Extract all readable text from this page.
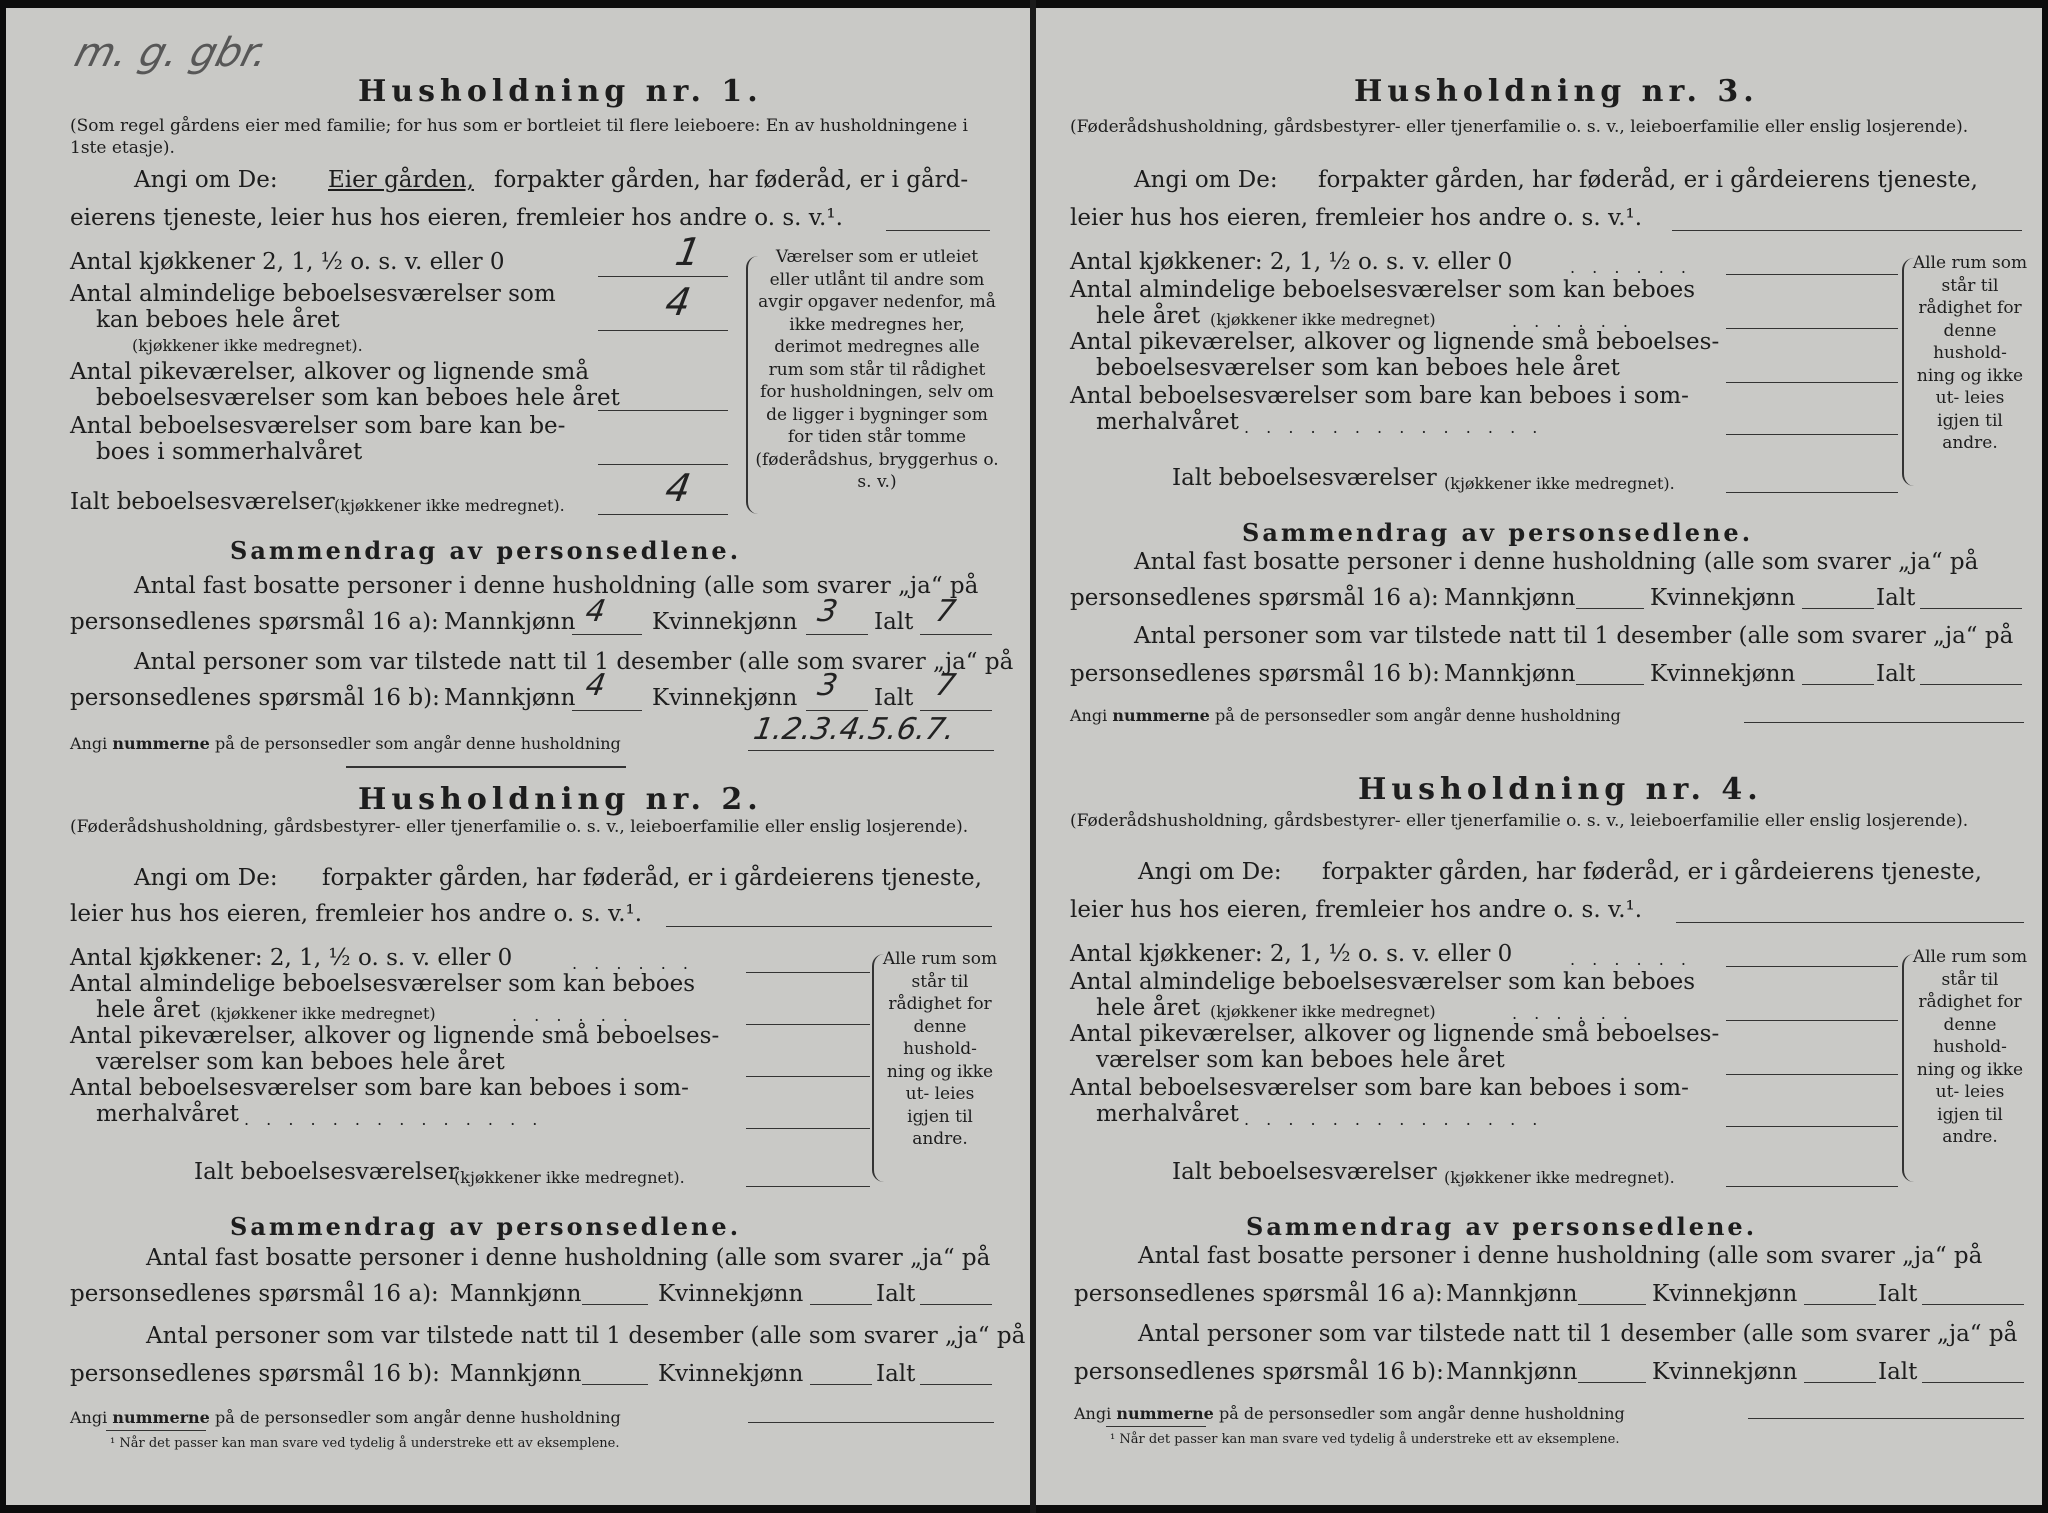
m. g. gbr.
Husholdning nr. 1.
(Som regel gårdens eier med familie; for hus som er bortleiet til flere leieboere: En av husholdningene i 1ste etasje).
Angi om De: Eier gården, forpakter gården, har føderåd, er i gård-
eierens tjeneste, leier hus hos eieren, fremleier hos andre o. s. v.¹.
Antal kjøkkener 2, 1, ½ o. s. v. eller 0	1
Antal almindelige beboelsesværelser som
kan beboes hele året
(kjøkkener ikke medregnet).
4
Antal pikeværelser, alkover og lignende små
beboelsesværelser som kan beboes hele året
Antal beboelsesværelser som bare kan be-
boes i sommerhalvåret
Ialt beboelsesværelser (kjøkkener ikke medregnet).	4
Værelser som er utleiet eller utlånt til andre som avgir opgaver nedenfor, må ikke medregnes her, derimot medregnes alle rum som står til rådighet for husholdningen, selv om de ligger i bygninger som for tiden står tomme (føderådshus, bryggerhus o. s. v.)
Sammendrag av personsedlene.
Antal fast bosatte personer i denne husholdning (alle som svarer „ja“ på
personsedlenes spørsmål 16 a): Mannkjønn 4 Kvinnekjønn 3 Ialt 7
Antal personer som var tilstede natt til 1 desember (alle som svarer „ja“ på
personsedlenes spørsmål 16 b): Mannkjønn 4 Kvinnekjønn 3 Ialt 7
Angi nummerne på de personsedler som angår denne husholdning	1.2.3.4.5.6.7.
Husholdning nr. 2.
(Føderådshusholdning, gårdsbestyrer- eller tjenerfamilie o. s. v., leieboerfamilie eller enslig losjerende).
Angi om De: forpakter gården, har føderåd, er i gårdeierens tjeneste,
leier hus hos eieren, fremleier hos andre o. s. v.¹.
Antal kjøkkener: 2, 1, ½ o. s. v. eller 0	. . . . . .
Antal almindelige beboelsesværelser som kan beboes
hele året (kjøkkener ikke medregnet)	. . . . . .
Antal pikeværelser, alkover og lignende små beboelses-
værelser som kan beboes hele året
Antal beboelsesværelser som bare kan beboes i som-
merhalvåret . . . . . . . . . . . . . .
Ialt beboelsesværelser
(kjøkkener ikke medregnet).
Alle rum som står til rådighet for denne hushold- ning og ikke ut- leies igjen til andre.
Sammendrag av personsedlene.
Antal fast bosatte personer i denne husholdning (alle som svarer „ja“ på
personsedlenes spørsmål 16 a): Mannkjønn	Kvinnekjønn	Ialt
Antal personer som var tilstede natt til 1 desember (alle som svarer „ja“ på
personsedlenes spørsmål 16 b): Mannkjønn	Kvinnekjønn	Ialt
Angi nummerne på de personsedler som angår denne husholdning
¹ Når det passer kan man svare ved tydelig å understreke ett av eksemplene.
Husholdning nr. 3.
(Føderådshusholdning, gårdsbestyrer- eller tjenerfamilie o. s. v., leieboerfamilie eller enslig losjerende).
Angi om De: forpakter gården, har føderåd, er i gårdeierens tjeneste,
leier hus hos eieren, fremleier hos andre o. s. v.¹.
Antal kjøkkener: 2, 1, ½ o. s. v. eller 0	. . . . . .
Antal almindelige beboelsesværelser som kan beboes
hele året (kjøkkener ikke medregnet)	. . . . . .
Antal pikeværelser, alkover og lignende små beboelses-
beboelsesværelser som kan beboes hele året
Antal beboelsesværelser som bare kan beboes i som-
merhalvåret . . . . . . . . . . . . . .
Ialt beboelsesværelser (kjøkkener ikke medregnet).
Alle rum som står til rådighet for denne hushold- ning og ikke ut- leies igjen til andre.
Sammendrag av personsedlene.
Antal fast bosatte personer i denne husholdning (alle som svarer „ja“ på
personsedlenes spørsmål 16 a): Mannkjønn	Kvinnekjønn	Ialt
Antal personer som var tilstede natt til 1 desember (alle som svarer „ja“ på
personsedlenes spørsmål 16 b): Mannkjønn	Kvinnekjønn	Ialt
Angi nummerne på de personsedler som angår denne husholdning
Husholdning nr. 4.
(Føderådshusholdning, gårdsbestyrer- eller tjenerfamilie o. s. v., leieboerfamilie eller enslig losjerende).
Angi om De: forpakter gården, har føderåd, er i gårdeierens tjeneste,
leier hus hos eieren, fremleier hos andre o. s. v.¹.
Antal kjøkkener: 2, 1, ½ o. s. v. eller 0	. . . . . .
Antal almindelige beboelsesværelser som kan beboes
hele året (kjøkkener ikke medregnet)	. . . . . .
Antal pikeværelser, alkover og lignende små beboelses-
værelser som kan beboes hele året
Antal beboelsesværelser som bare kan beboes i som-
merhalvåret . . . . . . . . . . . . . .
Ialt beboelsesværelser (kjøkkener ikke medregnet).
Alle rum som står til rådighet for denne hushold- ning og ikke ut- leies igjen til andre.
Sammendrag av personsedlene.
Antal fast bosatte personer i denne husholdning (alle som svarer „ja“ på
personsedlenes spørsmål 16 a): Mannkjønn	Kvinnekjønn	Ialt
Antal personer som var tilstede natt til 1 desember (alle som svarer „ja“ på
personsedlenes spørsmål 16 b): Mannkjønn	Kvinnekjønn	Ialt
Angi nummerne på de personsedler som angår denne husholdning
¹ Når det passer kan man svare ved tydelig å understreke ett av eksemplene.
